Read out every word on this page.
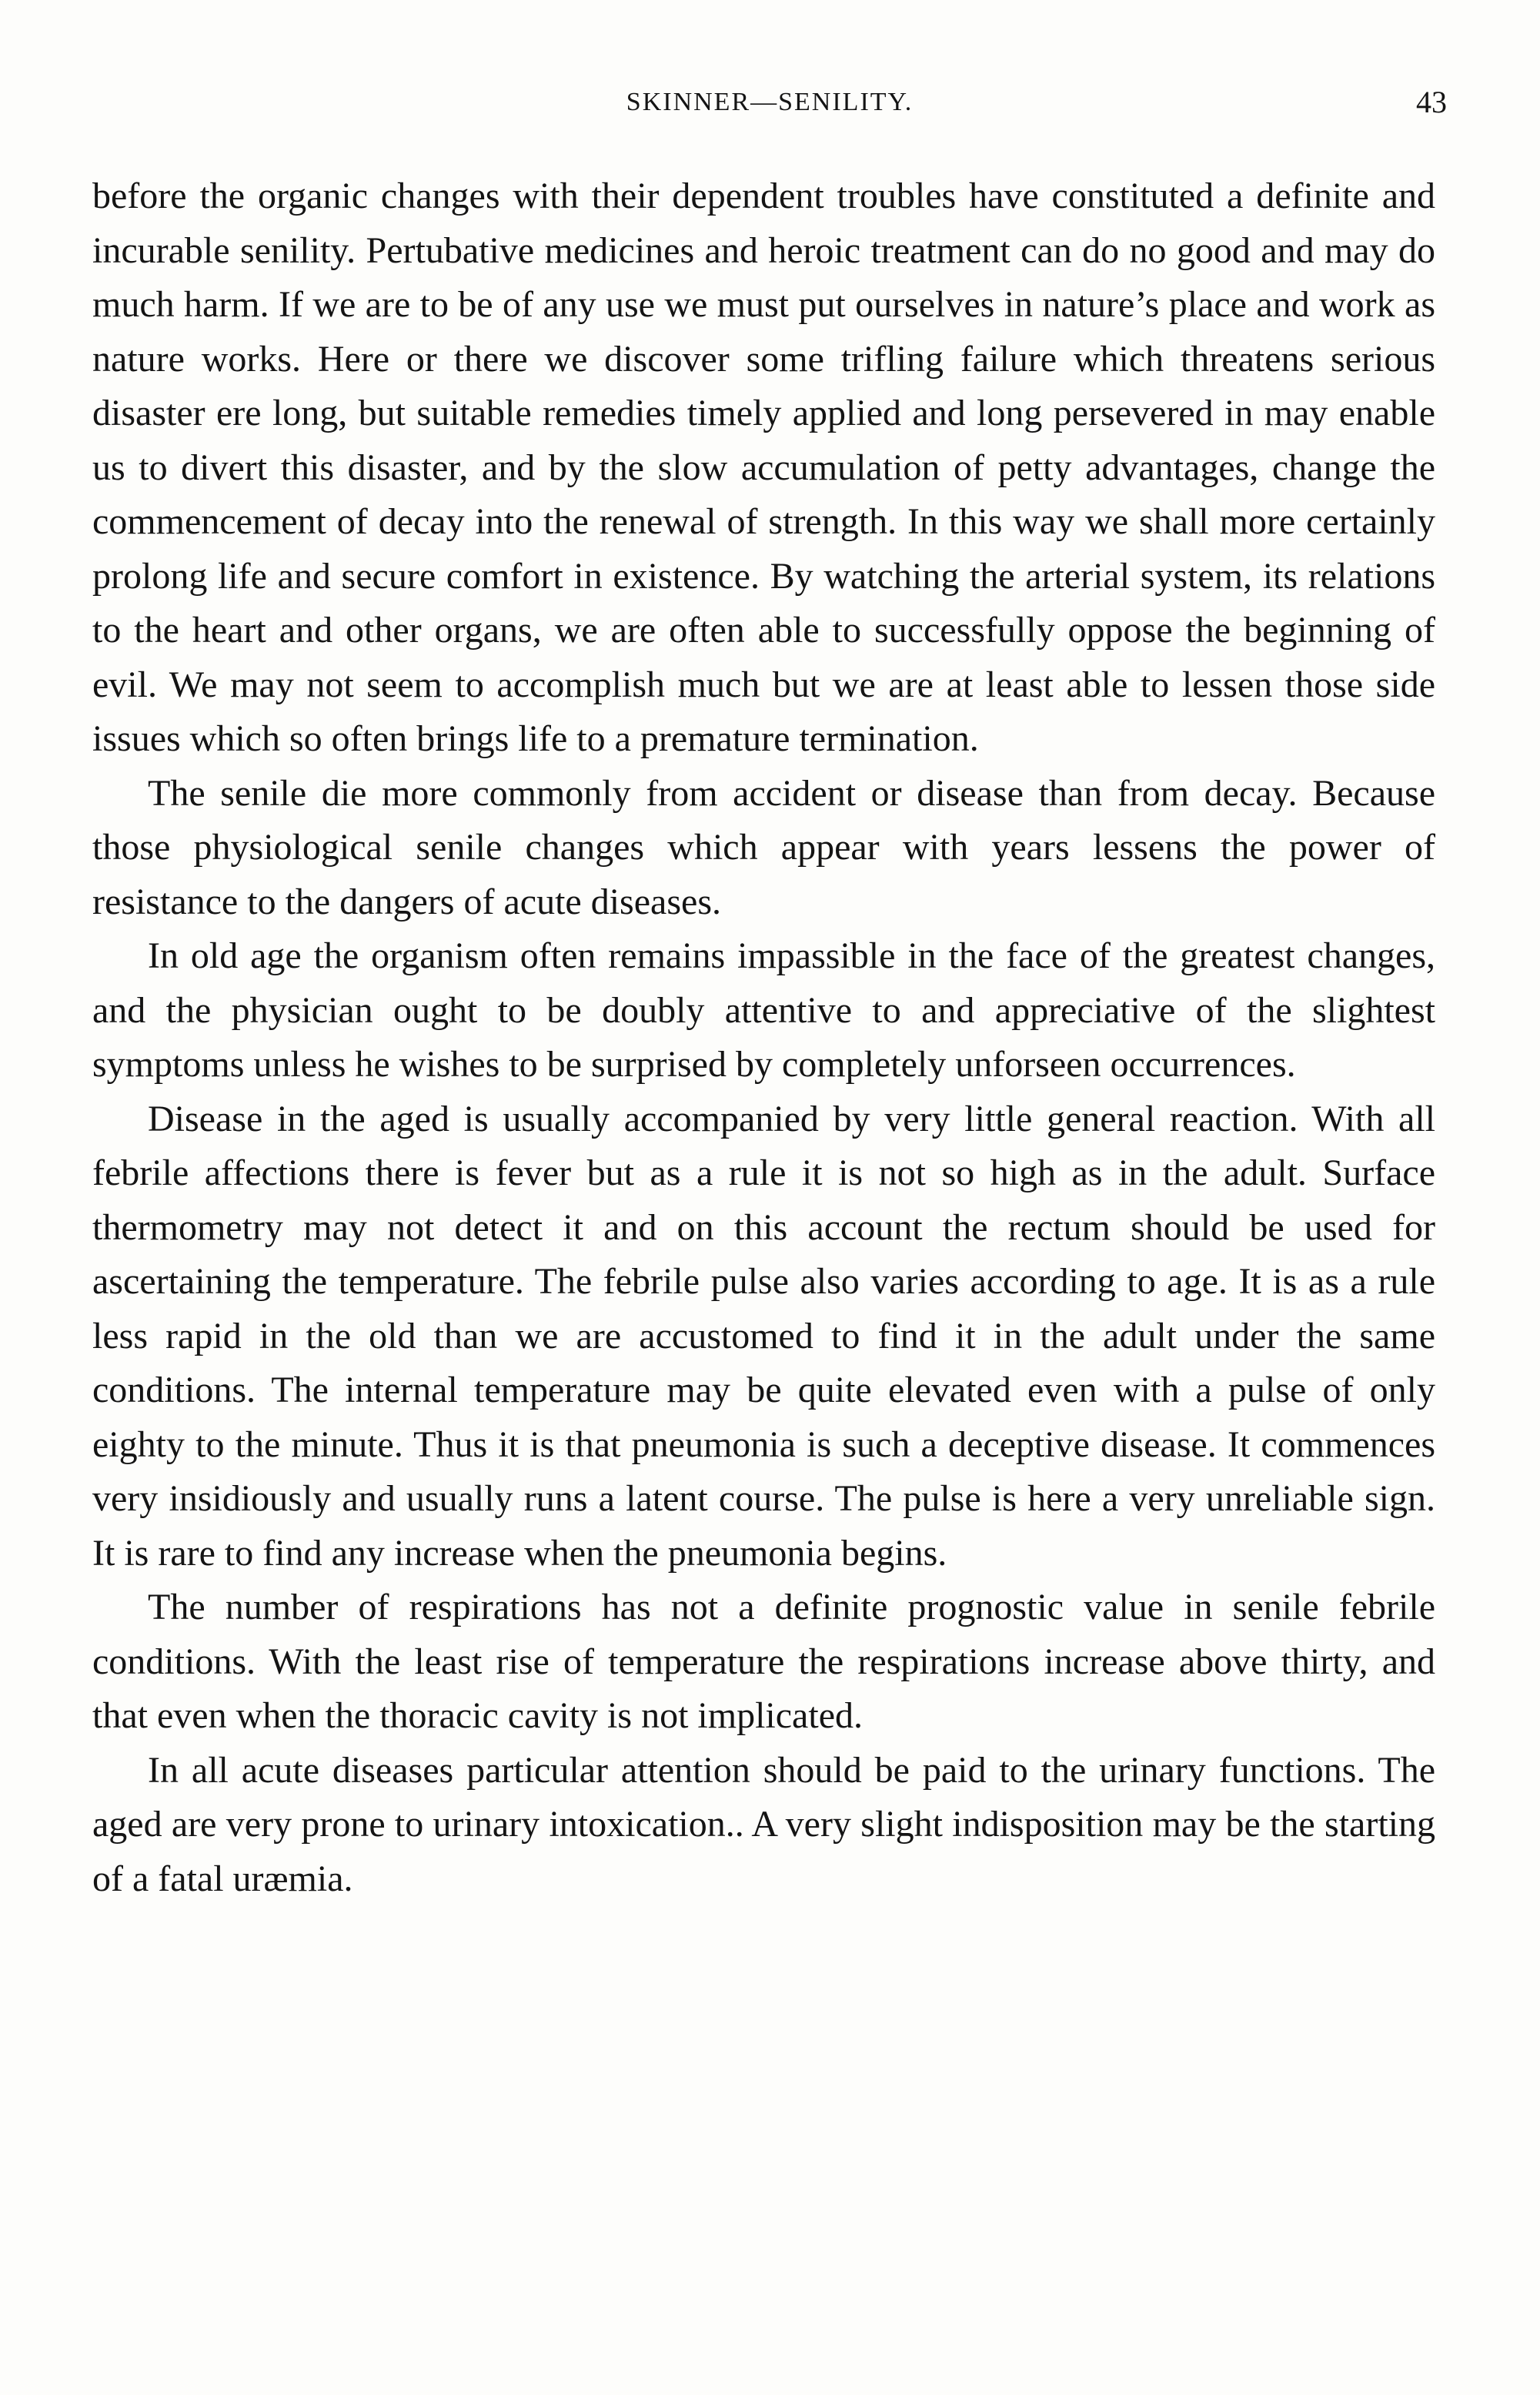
SKINNER—SENILITY.	43

before the organic changes with their dependent troubles have constituted a definite and incurable senility. Pertubative medicines and heroic treatment can do no good and may do much harm. If we are to be of any use we must put ourselves in nature’s place and work as nature works. Here or there we discover some trifling failure which threatens serious disaster ere long, but suitable remedies timely applied and long persevered in may enable us to divert this disaster, and by the slow accumulation of petty advantages, change the commencement of decay into the renewal of strength. In this way we shall more certainly prolong life and secure comfort in existence. By watching the arterial system, its relations to the heart and other organs, we are often able to successfully oppose the beginning of evil. We may not seem to accomplish much but we are at least able to lessen those side issues which so often brings life to a premature termination.

The senile die more commonly from accident or disease than from decay. Because those physiological senile changes which appear with years lessens the power of resistance to the dangers of acute diseases.

In old age the organism often remains impassible in the face of the greatest changes, and the physician ought to be doubly attentive to and appreciative of the slightest symptoms unless he wishes to be surprised by completely unforseen occurrences.

Disease in the aged is usually accompanied by very little general reaction. With all febrile affections there is fever but as a rule it is not so high as in the adult. Surface thermometry may not detect it and on this account the rectum should be used for ascertaining the temperature. The febrile pulse also varies according to age. It is as a rule less rapid in the old than we are accustomed to find it in the adult under the same conditions. The internal temperature may be quite elevated even with a pulse of only eighty to the minute. Thus it is that pneumonia is such a deceptive disease. It commences very insidiously and usually runs a latent course. The pulse is here a very unreliable sign. It is rare to find any increase when the pneumonia begins.

The number of respirations has not a definite prognostic value in senile febrile conditions. With the least rise of temperature the respirations increase above thirty, and that even when the thoracic cavity is not implicated.

In all acute diseases particular attention should be paid to the urinary functions. The aged are very prone to urinary intoxication.. A very slight indisposition may be the starting of a fatal uræmia.
